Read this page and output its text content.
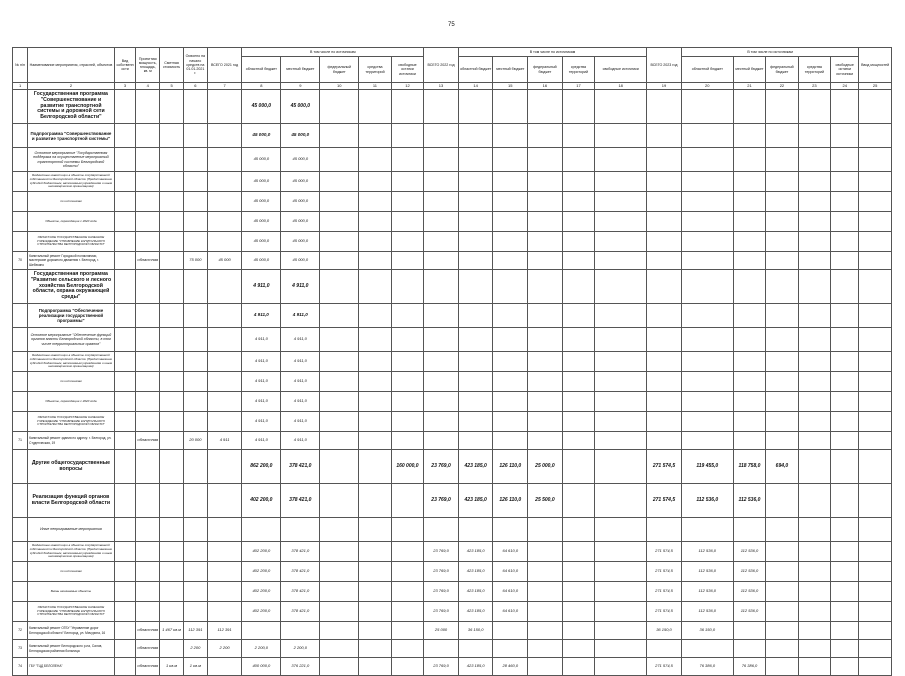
75
№ п/п	Наименование мероприятия, отраслей, объектов	Вид собственности	Проектная мощность, площадь, кв. м	Сметная стоимость	Освоено на начало средств на 01.01.2021 г.	ВСЕГО 2021 год	В том числе по источникам					ВСЕГО 2022 год	В том числе по источникам					ВСЕГО 2023 год	В том числе по источникам					Ввод мощностей
							областной бюджет	местный бюджет	федеральный бюджет	средства территорий	свободные остатки источники		областной бюджет	местный бюджет	федеральный бюджет	средства территорий	свободные источники		областной бюджет	местный бюджет	федеральный бюджет	средства территорий	свободные остатки источники	
1	2	3	4	5	6	7	8	9	10	11	12	13	14	15	16	17	18	19	20	21	22	23	24	25
	Государственная программа "Совершенствование и развитие транспортной системы и дорожной сети Белгородской области"						45 000,0	45 000,0																
	Подпрограмма "Совершенствование и развитие транспортной системы"						45 000,0	45 000,0																
	Основное мероприятие "Государственная поддержка на осуществление мероприятий транспортной системы Белгородской области"						45 000,0	45 000,0																
	Бюджетные инвестиции в объекты государственной собственности Белгородской области (Предоставление субсидий бюджетным, автономным учреждениям и иным некоммерческим организациям)						45 000,0	45 000,0																
	по источникам						45 000,0	45 000,0																
	Объекты, переходящие с 2020 года						45 000,0	45 000,0																
	ОБЛАСТНОЕ ГОСУДАРСТВЕННОЕ КАЗЕННОЕ УЧРЕЖДЕНИЕ "УПРАВЛЕНИЕ КАПИТАЛЬНОГО СТРОИТЕЛЬСТВА БЕЛГОРОДСКОЙ ОБЛАСТИ"						45 000,0	45 000,0																
70	Капитальный ремонт Городской поликлиники, мастерские дорожного движения г. Белгород, г. Шебекино		областная		75 000	45 000	45 000,0	45 000,0																
	Государственная программа "Развитие сельского и лесного хозяйства Белгородской области, охрана окружающей среды"						4 911,0	4 911,0																
	Подпрограмма "Обеспечение реализации государственной программы"						4 911,0	4 911,0																
	Основное мероприятие "Обеспечение функций органов власти Белгородской области, в том числе территориальных органов"						4 911,0	4 911,0																
	Бюджетные инвестиции в объекты государственной собственности Белгородской области (Предоставление субсидий бюджетным, автономным учреждениям и иным некоммерческим организациям)						4 911,0	4 911,0																
	по источникам						4 911,0	4 911,0																
	Объекты, переходящие с 2020 года						4 911,0	4 911,0																
	ОБЛАСТНОЕ ГОСУДАРСТВЕННОЕ КАЗЕННОЕ УЧРЕЖДЕНИЕ "УПРАВЛЕНИЕ КАПИТАЛЬНОГО СТРОИТЕЛЬСТВА БЕЛГОРОДСКОЙ ОБЛАСТИ"						4 911,0	4 911,0																
71	Капитальный ремонт здания по адресу: г. Белгород, ул. Студенческая, 19		областная		20 000	4 911	4 911,0	4 911,0																
	Другие общегосударственные вопросы						862 200,0	378 421,0			160 000,0	23 769,0	423 185,0	126 110,0	25 000,0			271 574,5	119 455,0	118 758,0	694,0			
	Реализация функций органов власти Белгородской области						402 200,0	378 421,0				23 769,0	423 185,0	126 110,0	25 500,0			271 574,5	112 536,0	112 536,0				
	Иные непрограммные мероприятия																							
	Бюджетные инвестиции в объекты государственной собственности Белгородской области (Предоставление субсидий бюджетным, автономным учреждениям и иным некоммерческим организациям)						402 200,0	378 421,0				23 769,0	423 185,0	64 610,0				271 574,5	112 536,0	112 536,0				
	по источникам						402 200,0	378 421,0				23 769,0	423 185,0	64 610,0				271 574,5	112 536,0	112 536,0				
	Вновь начинаемые объекты						402 200,0	378 421,0				23 769,0	423 185,0	64 610,0				271 574,5	112 536,0	112 536,0				
	ОБЛАСТНОЕ ГОСУДАРСТВЕННОЕ КАЗЕННОЕ УЧРЕЖДЕНИЕ "УПРАВЛЕНИЕ КАПИТАЛЬНОГО СТРОИТЕЛЬСТВА БЕЛГОРОДСКОЙ ОБЛАСТИ"						402 200,0	378 421,0				23 769,0	423 185,0	64 610,0				271 574,5	112 536,0	112 536,0				
72	Капитальный ремонт ОГБУ "Управление дорог Белгородской области" Белгород, ул. Мичурина, 16		областная	1 467 кв.м	112 391	112 391						25 000	36 150,0					36 150,0	36 150,0					
73	Капитальный ремонт Белгородского р-на, Салов, Белгородская районная больница		областная		2 200	2 200	2 200,0	2 200,0																
74	ГБУ "ГЦД БЕЛОЛЕНА"		областная	1 кв.м	1 кв.м		400 000,0	376 221,0				23 769,0	423 185,0	28 460,0				271 574,5	76 386,0	76 386,0				
